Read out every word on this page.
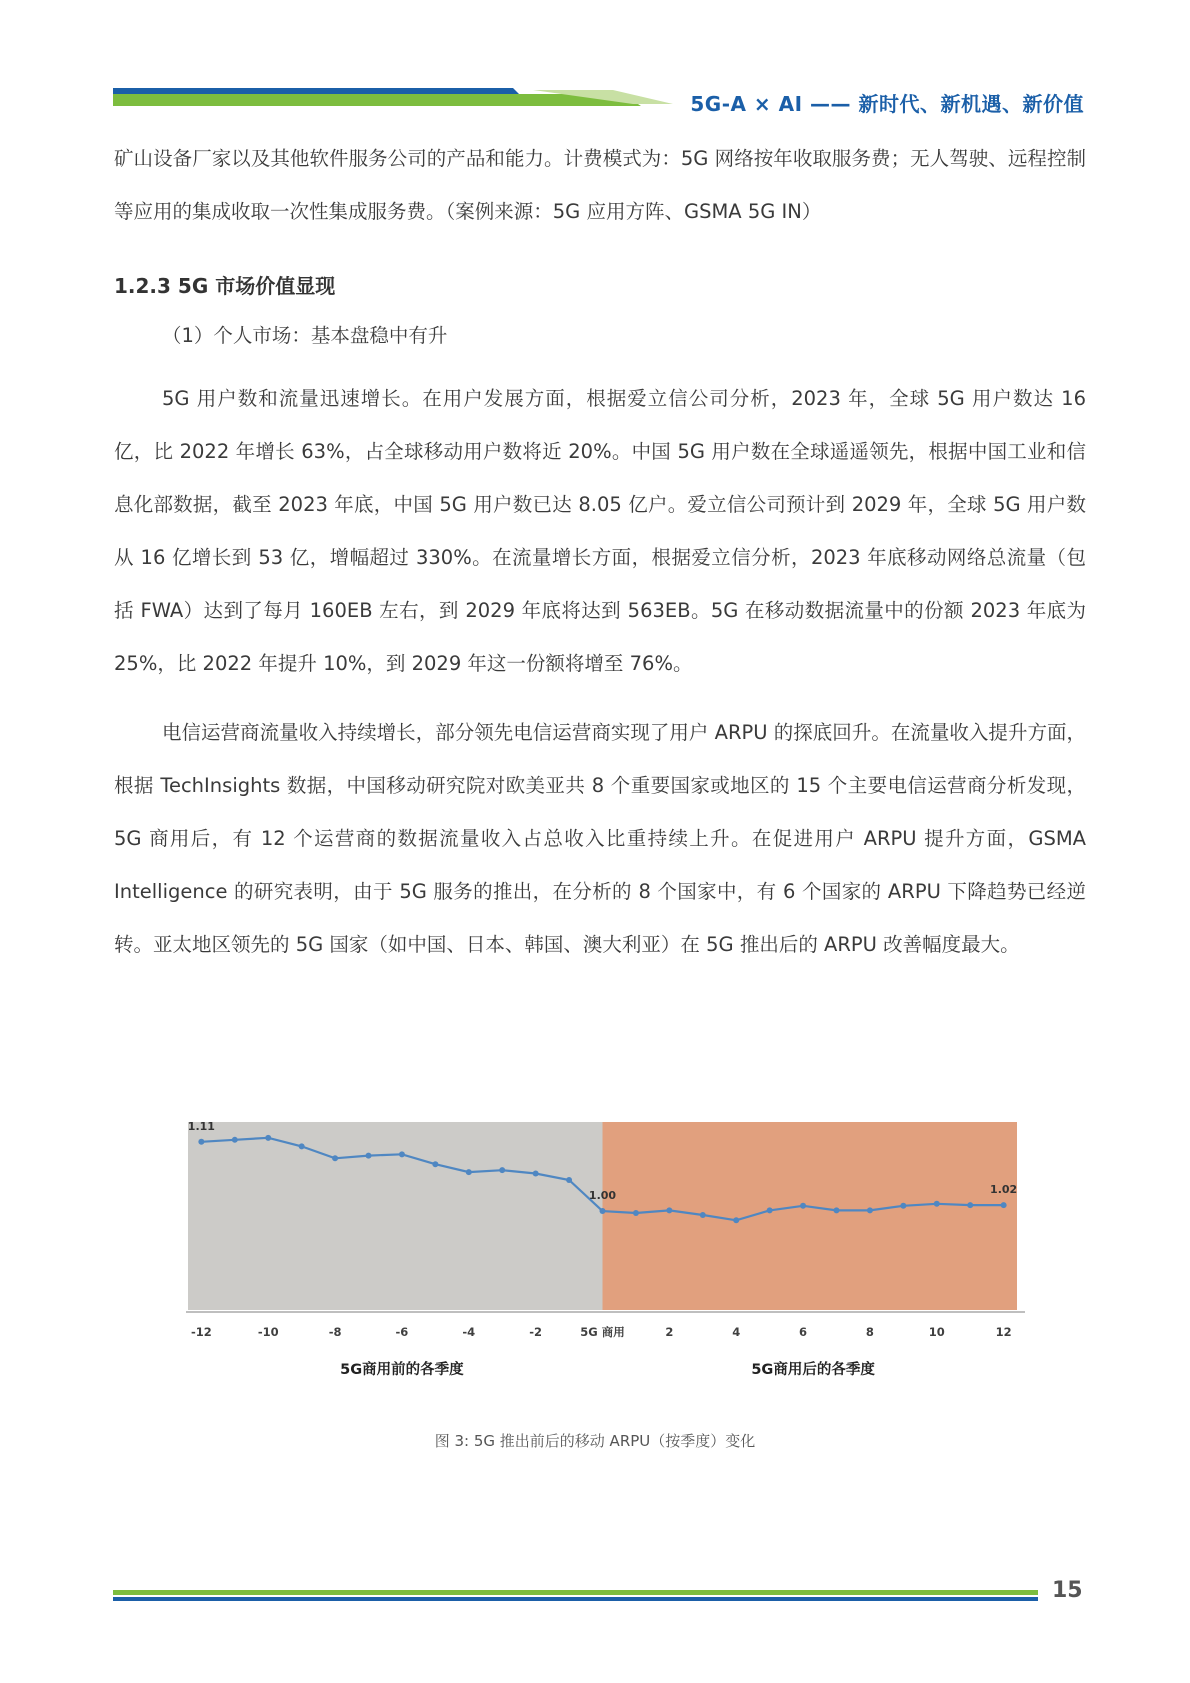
5G-A × AI —— 新时代、新机遇、新价值

矿山设备厂家以及其他软件服务公司的产品和能力。计费模式为：5G 网络按年收取服务费；无人驾驶、远程控制等应用的集成收取一次性集成服务费。（案例来源：5G 应用方阵、GSMA 5G IN）

1.2.3 5G 市场价值显现
（1）个人市场：基本盘稳中有升

5G 用户数和流量迅速增长。在用户发展方面，根据爱立信公司分析，2023 年，全球 5G 用户数达 16 亿，比 2022 年增长 63%，占全球移动用户数将近 20%。中国 5G 用户数在全球遥遥领先，根据中国工业和信息化部数据，截至 2023 年底，中国 5G 用户数已达 8.05 亿户。爱立信公司预计到 2029 年，全球 5G 用户数从 16 亿增长到 53 亿，增幅超过 330%。在流量增长方面，根据爱立信分析，2023 年底移动网络总流量（包括 FWA）达到了每月 160EB 左右，到 2029 年底将达到 563EB。5G 在移动数据流量中的份额 2023 年底为 25%，比 2022 年提升 10%，到 2029 年这一份额将增至 76%。

电信运营商流量收入持续增长，部分领先电信运营商实现了用户 ARPU 的探底回升。在流量收入提升方面，根据 TechInsights 数据，中国移动研究院对欧美亚共 8 个重要国家或地区的 15 个主要电信运营商分析发现，5G 商用后，有 12 个运营商的数据流量收入占总收入比重持续上升。在促进用户 ARPU 提升方面，GSMA Intelligence 的研究表明，由于 5G 服务的推出，在分析的 8 个国家中，有 6 个国家的 ARPU 下降趋势已经逆转。亚太地区领先的 5G 国家（如中国、日本、韩国、澳大利亚）在 5G 推出后的 ARPU 改善幅度最大。

1.11
1.00	1.02
-12	-10	-8	-6	-4	-2	5G 商用	2	4	6	8	10	12
5G商用前的各季度	5G商用后的各季度
图 3: 5G 推出前后的移动 ARPU（按季度）变化
15
